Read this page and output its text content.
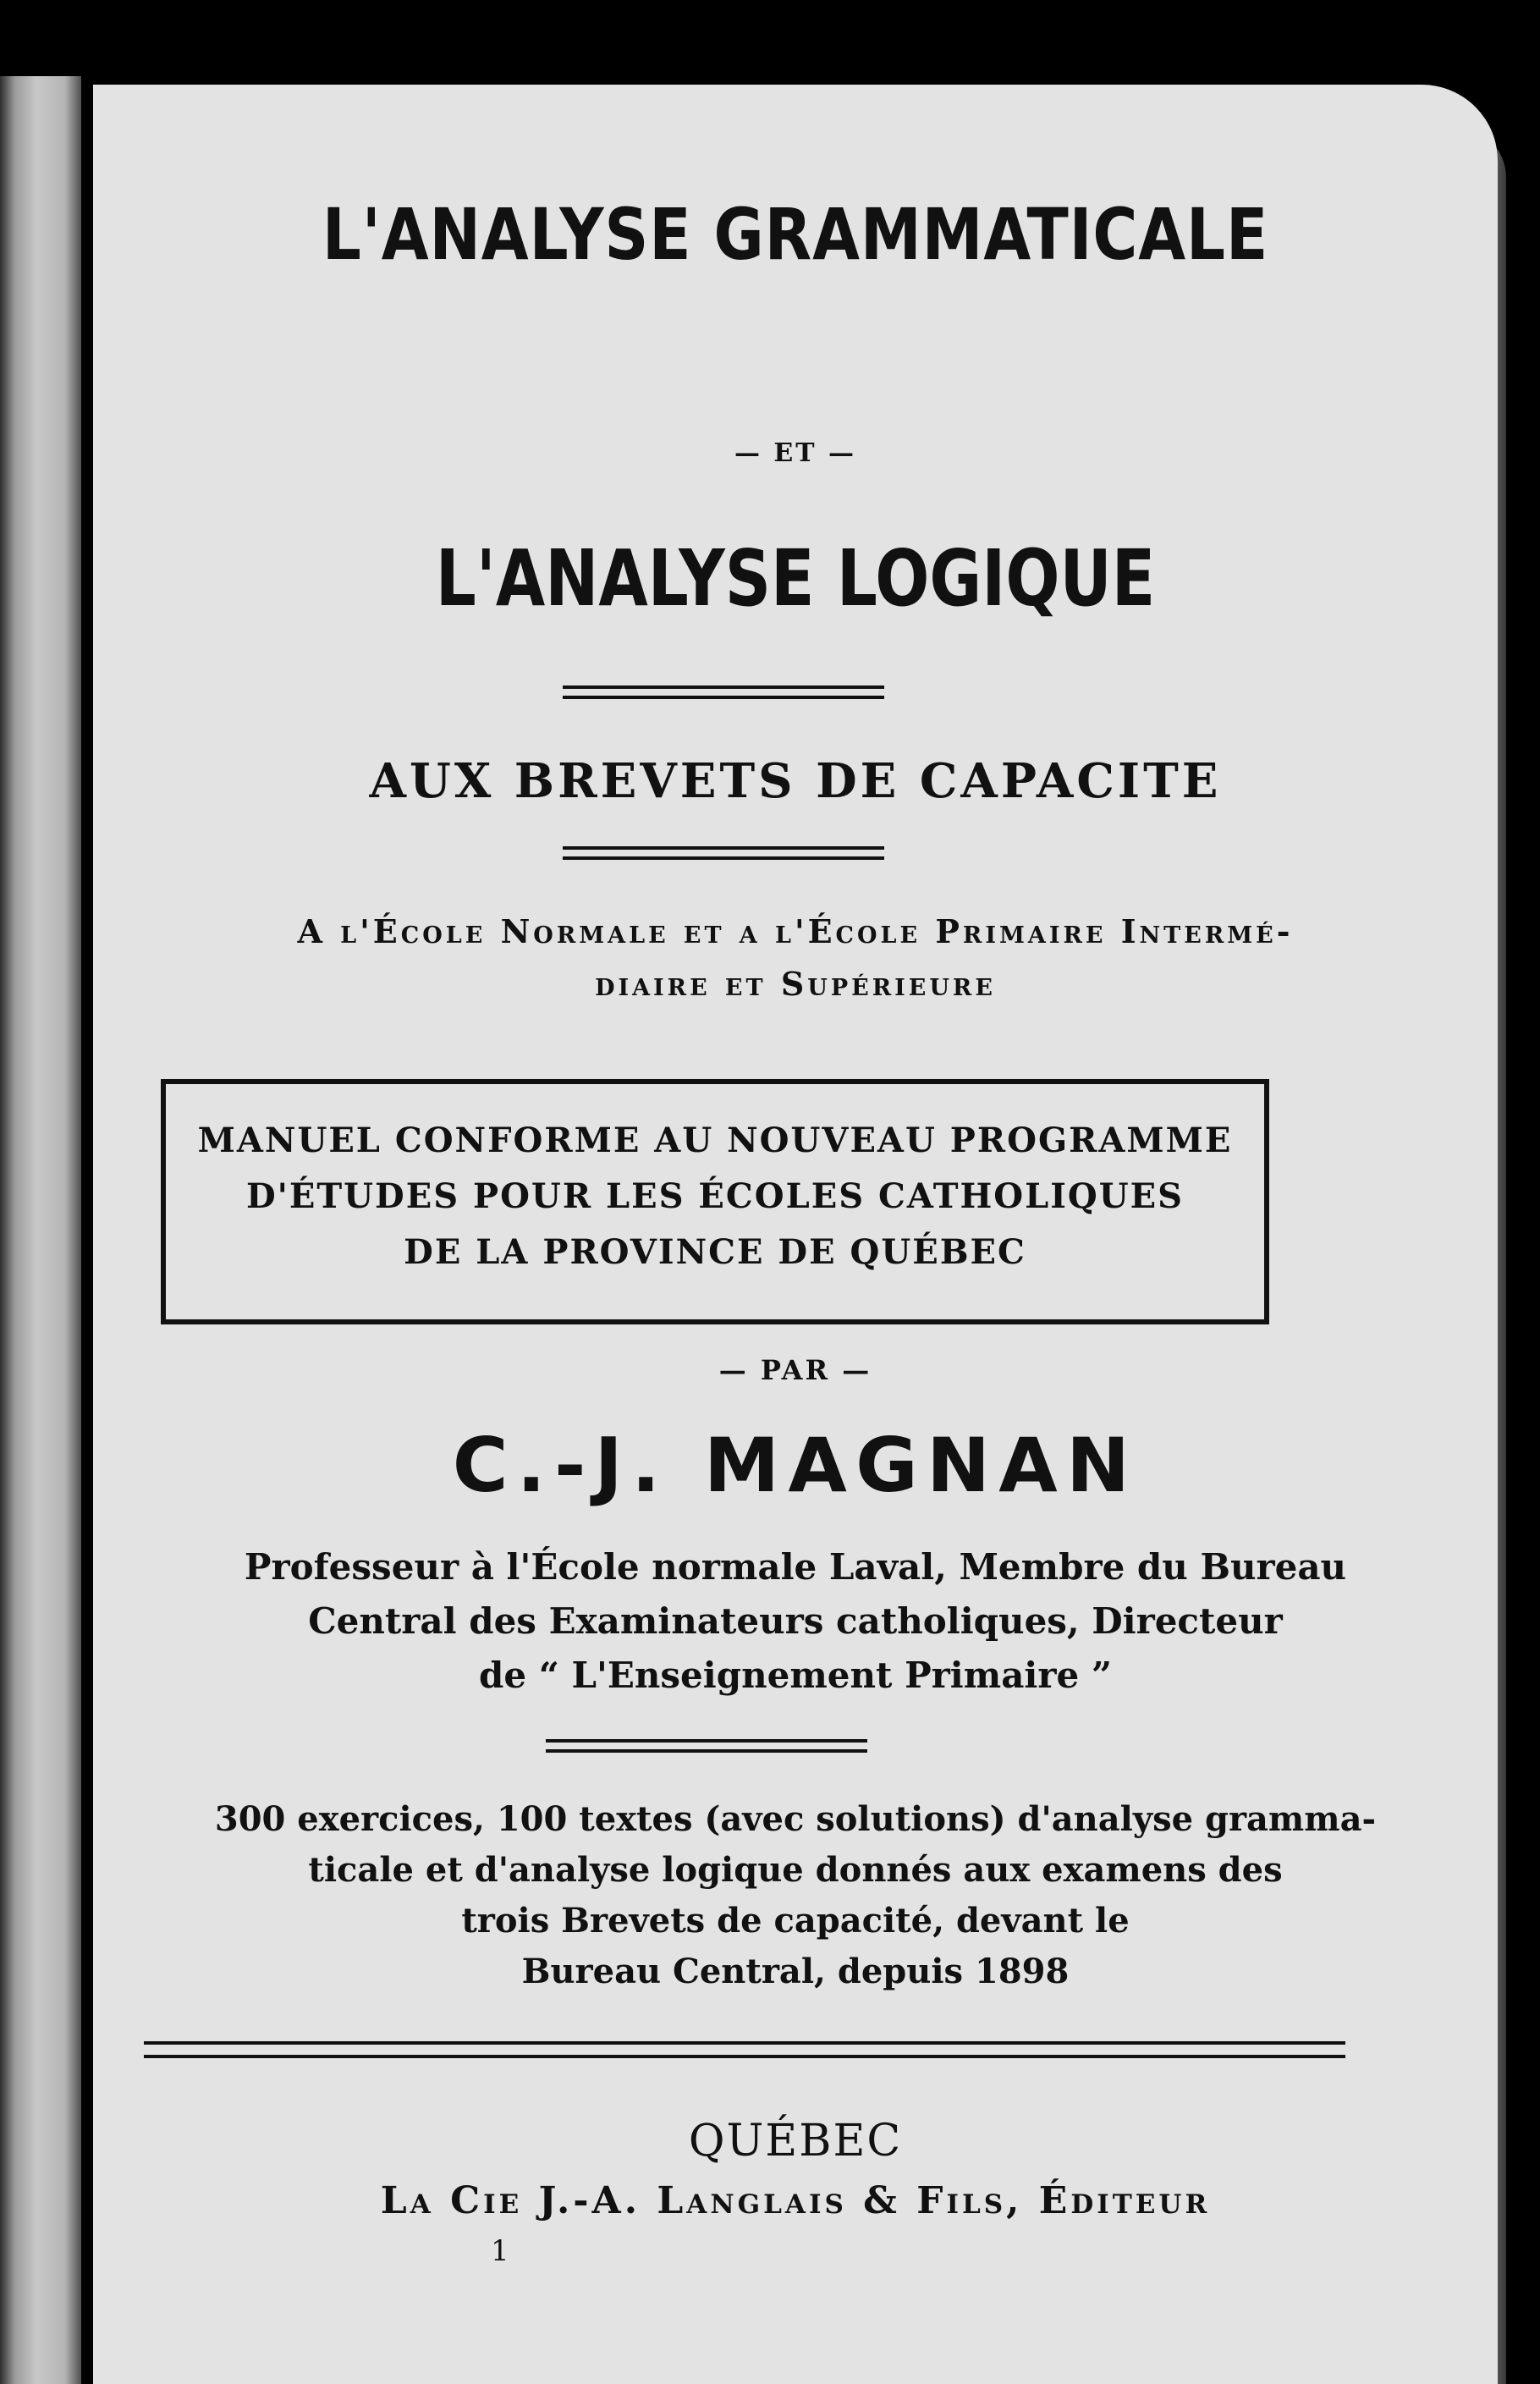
L'ANALYSE GRAMMATICALE
— ET —
L'ANALYSE LOGIQUE
AUX BREVETS DE CAPACITE
A l'École Normale et a l'École Primaire Intermé-
diaire et Supérieure
MANUEL CONFORME AU NOUVEAU PROGRAMME
D'ÉTUDES POUR LES ÉCOLES CATHOLIQUES
DE LA PROVINCE DE QUÉBEC
— PAR —
C.-J. MAGNAN
Professeur à l'École normale Laval, Membre du Bureau
Central des Examinateurs catholiques, Directeur
de “ L'Enseignement Primaire ”
300 exercices, 100 textes (avec solutions) d'analyse gramma-
ticale et d'analyse logique donnés aux examens des
trois Brevets de capacité, devant le
Bureau Central, depuis 1898
QUÉBEC
La Cie J.-A. Langlais & Fils, Éditeur
1
